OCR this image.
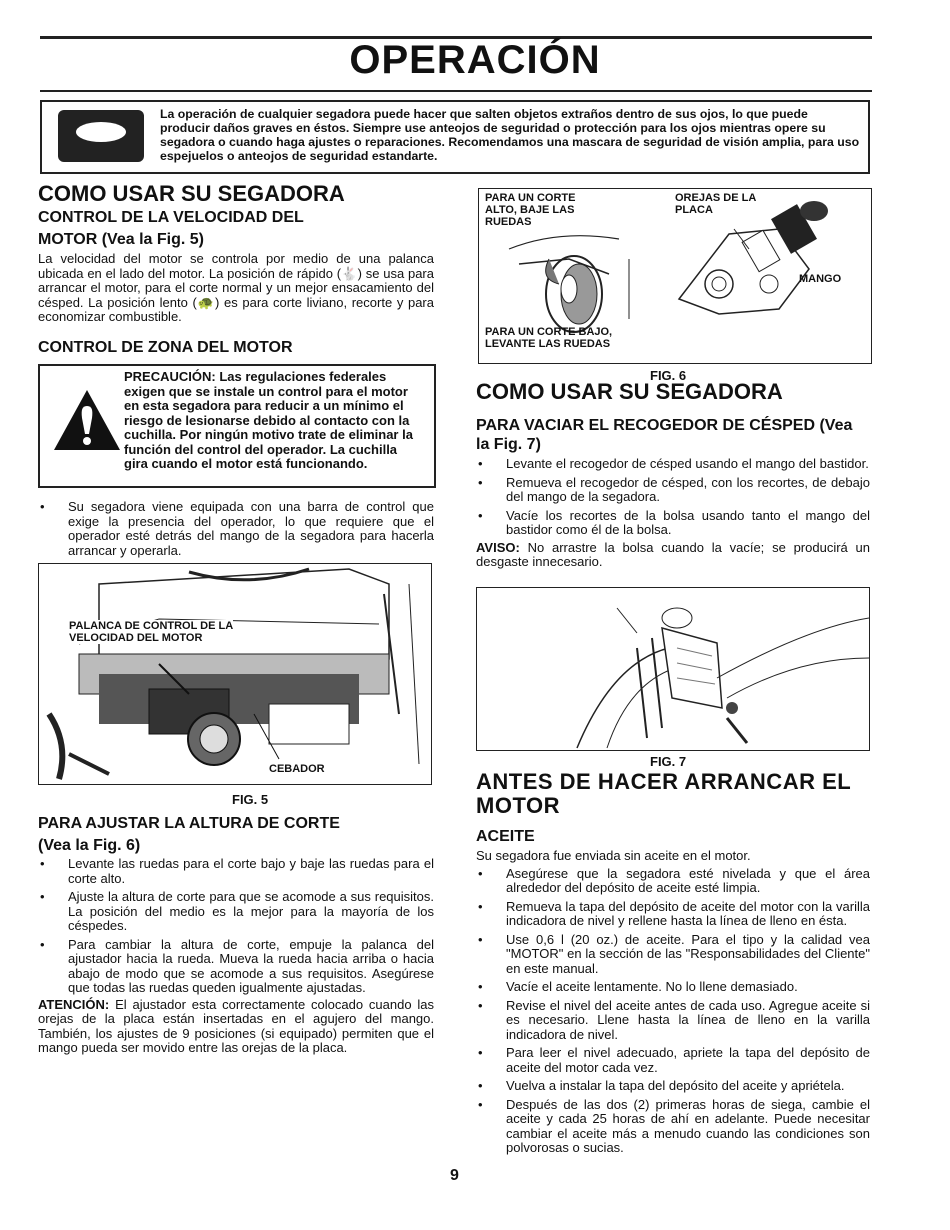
OPERACIÓN
La operación de cualquier segadora puede hacer que salten objetos extraños dentro de sus ojos, lo que puede producir daños graves en éstos. Siempre use anteojos de seguridad o protección para los ojos mientras opere su segadora o cuando haga ajustes o reparaciones. Recomendamos una mascara de seguridad de visión amplia, para uso espejuelos o anteojos de seguridad estandarte.
COMO USAR SU SEGADORA
CONTROL DE LA VELOCIDAD DEL
MOTOR (Vea la Fig. 5)

La velocidad del motor se controla por medio de una palanca ubicada en el lado del motor. La posición de rápido (🐇) se usa para arrancar el motor, para el corte normal y un mejor ensacamiento del césped. La posición lento (🐢) es para corte liviano, recorte y para economizar combustible.

CONTROL DE ZONA DEL MOTOR
PRECAUCIÓN: Las regulaciones federales exigen que se instale un control para el motor en esta segadora para reducir a un mínimo el riesgo de lesionarse debido al contacto con la cuchilla. Por ningún motivo trate de eliminar la función del control del operador. La cuchilla gira cuando el motor está funcionando.
• Su segadora viene equipada con una barra de control que exige la presencia del operador, lo que requiere que el operador esté detrás del mango de la segadora para hacerla arrancar y operarla.
PALANCA DE CONTROL DE LA
VELOCIDAD DEL MOTOR
CEBADOR
FIG. 5
PARA AJUSTAR LA ALTURA DE CORTE
(Vea la Fig. 6)
• Levante las ruedas para el corte bajo y baje las ruedas para el corte alto.
• Ajuste la altura de corte para que se acomode a sus requisitos. La posición del medio es la mejor para la mayoría de los céspedes.
• Para cambiar la altura de corte, empuje la palanca del ajustador hacia la rueda. Mueva la rueda hacia arriba o hacia abajo de modo que se acomode a sus requisitos. Asegúrese que todas las ruedas queden igualmente ajustadas.

ATENCIÓN: El ajustador esta correctamente colocado cuando las orejas de la placa están insertadas en el agujero del mango. También, los ajustes de 9 posiciones (si equipado) permiten que el mango pueda ser movido entre las orejas de la placa.

PARA UN CORTE ALTO, BAJE LAS RUEDAS
OREJAS DE LA PLACA
MANGO
PARA UN CORTE BAJO, LEVANTE LAS RUEDAS
FIG. 6
COMO USAR SU SEGADORA
PARA VACIAR EL RECOGEDOR DE CÉSPED (Vea la Fig. 7)
• Levante el recogedor de césped usando el mango del bastidor.
• Remueva el recogedor de césped, con los recortes, de debajo del mango de la segadora.
• Vacíe los recortes de la bolsa usando tanto el mango del bastidor como él de la bolsa.

AVISO: No arrastre la bolsa cuando la vacíe; se producirá un desgaste innecesario.

FIG. 7
ANTES DE HACER ARRANCAR EL MOTOR
ACEITE

Su segadora fue enviada sin aceite en el motor.

• Asegúrese que la segadora esté nivelada y que el área alrededor del depósito de aceite esté limpia.
• Remueva la tapa del depósito de aceite del motor con la varilla indicadora de nivel y rellene hasta la línea de lleno en ésta.
• Use 0,6 l (20 oz.) de aceite. Para el tipo y la calidad vea "MOTOR" en la sección de las "Responsabilidades del Cliente" en este manual.
• Vacíe el aceite lentamente. No lo llene demasiado.
• Revise el nivel del aceite antes de cada uso. Agregue aceite si es necesario. Llene hasta la línea de lleno en la varilla indicadora de nivel.
• Para leer el nivel adecuado, apriete la tapa del depósito de aceite del motor cada vez.
• Vuelva a instalar la tapa del depósito del aceite y apriétela.
• Después de las dos (2) primeras horas de siega, cambie el aceite y cada 25 horas de ahí en adelante. Puede necesitar cambiar el aceite más a menudo cuando las condiciones son polvorosas o sucias.
9
